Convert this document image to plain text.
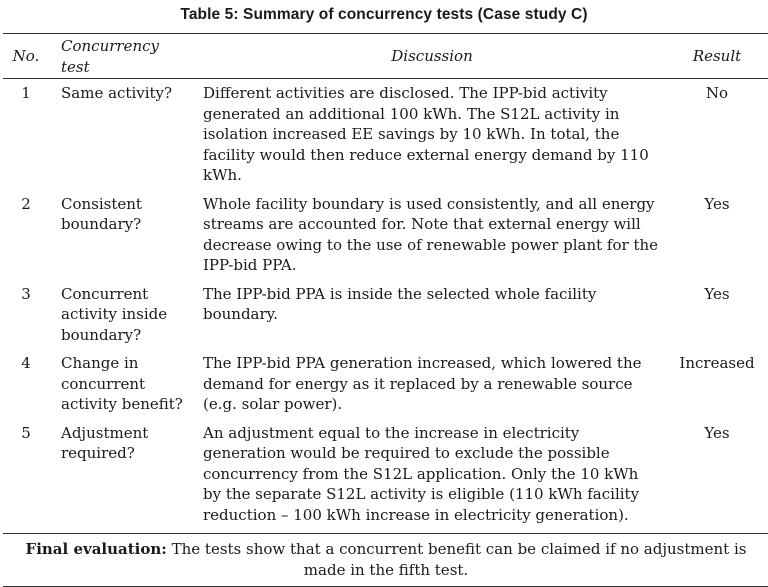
Table 5: Summary of concurrency tests (Case study C)
No.	Concurrency test	Discussion	Result
1	Same activity?	Different activities are disclosed. The IPP-bid activity generated an additional 100 kWh. The S12L activity in isolation increased EE savings by 10 kWh. In total, the facility would then reduce external energy demand by 110 kWh.	No
2	Consistent boundary?	Whole facility boundary is used consistently, and all energy streams are accounted for. Note that external energy will decrease owing to the use of renewable power plant for the IPP-bid PPA.	Yes
3	Concurrent activity inside boundary?	The IPP-bid PPA is inside the selected whole facility boundary.	Yes
4	Change in concurrent activity benefit?	The IPP-bid PPA generation increased, which lowered the demand for energy as it replaced by a renewable source (e.g. solar power).	Increased
5	Adjustment required?	An adjustment equal to the increase in electricity generation would be required to exclude the possible concurrency from the S12L application. Only the 10 kWh by the separate S12L activity is eligible (110 kWh facility reduction – 100 kWh increase in electricity generation).	Yes
Final evaluation: The tests show that a concurrent benefit can be claimed if no adjustment is made in the fifth test.			
